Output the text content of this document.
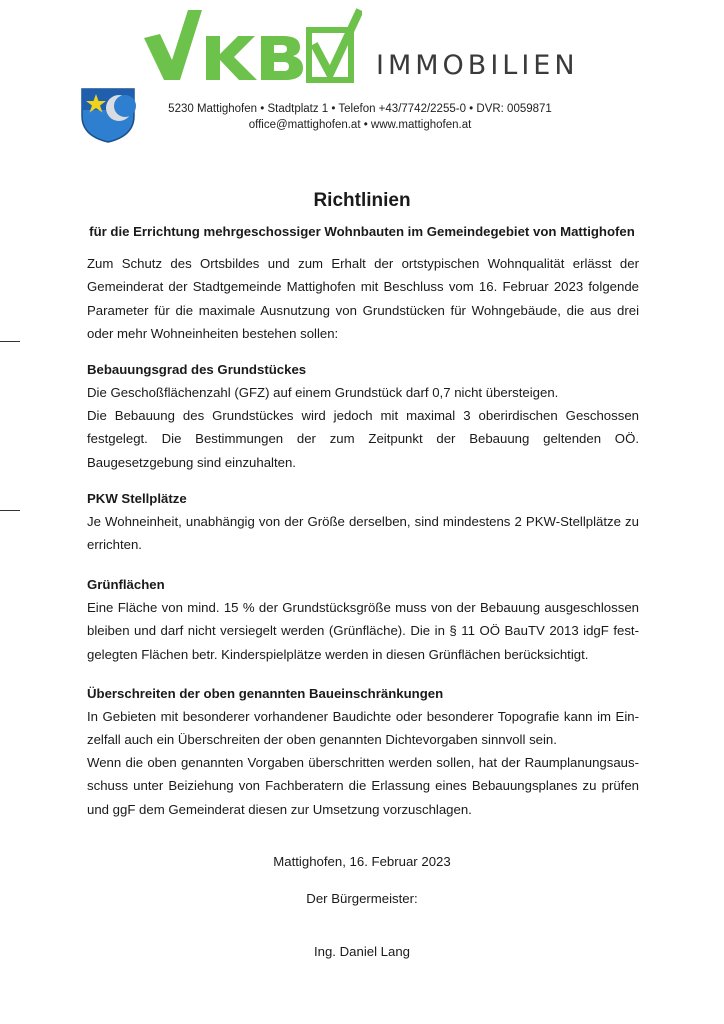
IMMOBILIEN
5230 Mattighofen • Stadtplatz 1 • Telefon +43/7742/2255-0 • DVR: 0059871
office@mattighofen.at • www.mattighofen.at
Richtlinien
für die Errichtung mehrgeschossiger Wohnbauten im Gemeindegebiet von Mattighofen

Zum Schutz des Ortsbildes und zum Erhalt der ortstypischen Wohnqualität erlässt der Gemeinderat der Stadtgemeinde Mattighofen mit Beschluss vom 16. Februar 2023 folgende Parameter für die maximale Ausnutzung von Grundstücken für Wohngebäude, die aus drei oder mehr Wohneinheiten bestehen sollen:

Bebauungsgrad des Grundstückes

Die Geschoßflächenzahl (GFZ) auf einem Grundstück darf 0,7 nicht übersteigen.

Die Bebauung des Grundstückes wird jedoch mit maximal 3 oberirdischen Geschossen festgelegt. Die Bestimmungen der zum Zeitpunkt der Bebauung geltenden OÖ. Baugesetzgebung sind einzuhalten.

PKW Stellplätze

Je Wohneinheit, unabhängig von der Größe derselben, sind mindestens 2 PKW-Stellplätze zu errichten.

Grünflächen

Eine Fläche von mind. 15 % der Grundstücksgröße muss von der Bebauung ausgeschlossen bleiben und darf nicht versiegelt werden (Grünfläche). Die in § 11 OÖ BauTV 2013 idgF festgelegten Flächen betr. Kinderspielplätze werden in diesen Grünflächen berücksichtigt.

Überschreiten der oben genannten Baueinschränkungen

In Gebieten mit besonderer vorhandener Baudichte oder besonderer Topografie kann im Einzelfall auch ein Überschreiten der oben genannten Dichtevorgaben sinnvoll sein.

Wenn die oben genannten Vorgaben überschritten werden sollen, hat der Raumplanungsausschuss unter Beiziehung von Fachberatern die Erlassung eines Bebauungsplanes zu prüfen und ggF dem Gemeinderat diesen zur Umsetzung vorzuschlagen.

Mattighofen, 16. Februar 2023
Der Bürgermeister:
Ing. Daniel Lang
